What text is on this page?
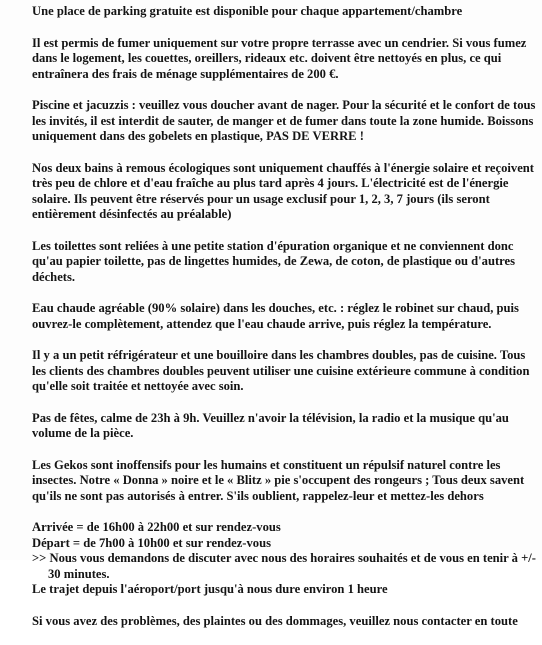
Une place de parking gratuite est disponible pour chaque appartement/chambre
Il est permis de fumer uniquement sur votre propre terrasse avec un cendrier. Si vous fumez
dans le logement, les couettes, oreillers, rideaux etc. doivent être nettoyés en plus, ce qui
entraînera des frais de ménage supplémentaires de 200 €.
Piscine et jacuzzis : veuillez vous doucher avant de nager. Pour la sécurité et le confort de tous
les invités, il est interdit de sauter, de manger et de fumer dans toute la zone humide. Boissons
uniquement dans des gobelets en plastique, PAS DE VERRE !
Nos deux bains à remous écologiques sont uniquement chauffés à l'énergie solaire et reçoivent
très peu de chlore et d'eau fraîche au plus tard après 4 jours. L'électricité est de l'énergie
solaire. Ils peuvent être réservés pour un usage exclusif pour 1, 2, 3, 7 jours (ils seront
entièrement désinfectés au préalable)
Les toilettes sont reliées à une petite station d'épuration organique et ne conviennent donc
qu'au papier toilette, pas de lingettes humides, de Zewa, de coton, de plastique ou d'autres
déchets.
Eau chaude agréable (90% solaire) dans les douches, etc. : réglez le robinet sur chaud, puis
ouvrez-le complètement, attendez que l'eau chaude arrive, puis réglez la température.
Il y a un petit réfrigérateur et une bouilloire dans les chambres doubles, pas de cuisine. Tous
les clients des chambres doubles peuvent utiliser une cuisine extérieure commune à condition
qu'elle soit traitée et nettoyée avec soin.
Pas de fêtes, calme de 23h à 9h. Veuillez n'avoir la télévision, la radio et la musique qu'au
volume de la pièce.
Les Gekos sont inoffensifs pour les humains et constituent un répulsif naturel contre les
insectes. Notre « Donna » noire et le « Blitz » pie s'occupent des rongeurs ; Tous deux savent
qu'ils ne sont pas autorisés à entrer. S'ils oublient, rappelez-leur et mettez-les dehors
Arrivée = de 16h00 à 22h00 et sur rendez-vous
Départ = de 7h00 à 10h00 et sur rendez-vous
>> Nous vous demandons de discuter avec nous des horaires souhaités et de vous en tenir à +/-
30 minutes.
Le trajet depuis l'aéroport/port jusqu'à nous dure environ 1 heure
Si vous avez des problèmes, des plaintes ou des dommages, veuillez nous contacter en toute
